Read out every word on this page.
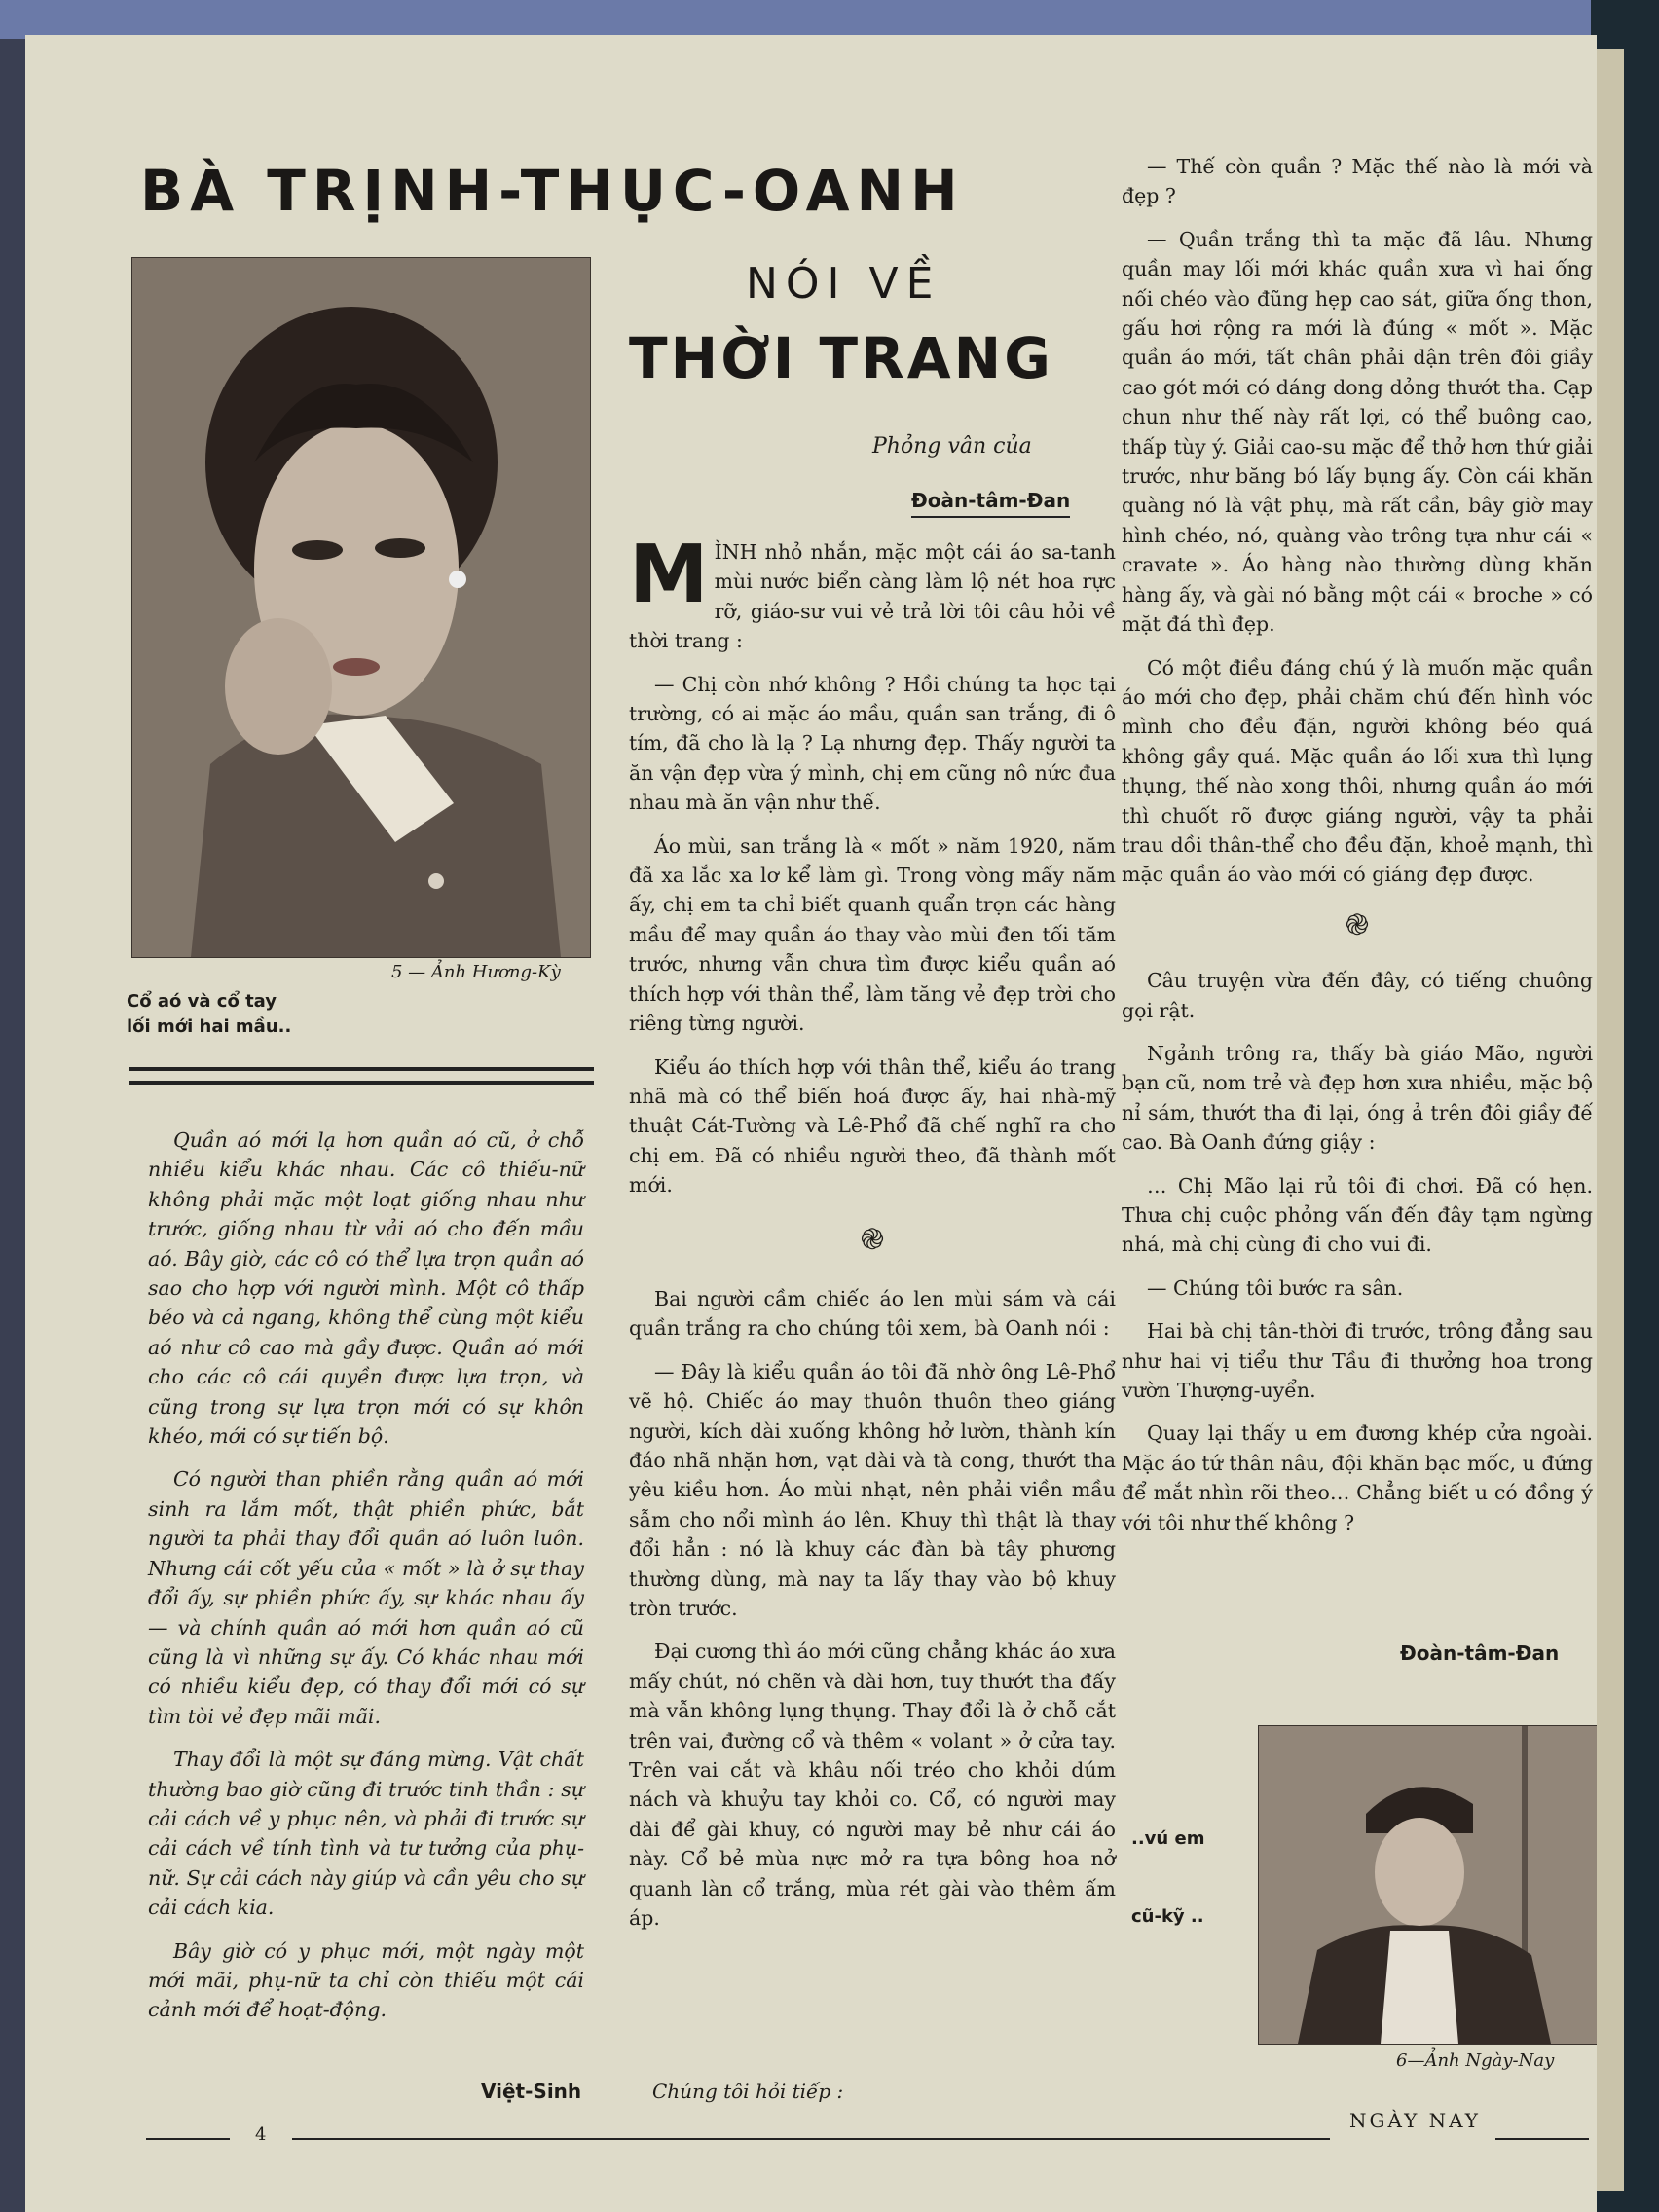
BÀ TRỊNH-THỤC-OANH
NÓI VỀ
THỜI TRANG
Phỏng vân của
Đoàn-tâm-Đan
5 — Ảnh Hương-Kỳ
Cổ aó và cổ tay
lối mới hai mầu..

Quần aó mới lạ hơn quần aó cũ, ở chỗ nhiều kiểu khác nhau. Các cô thiếu-nữ không phải mặc một loạt giống nhau như trước, giống nhau từ vải aó cho đến mầu aó. Bây giờ, các cô có thể lựa trọn quần aó sao cho hợp với người mình. Một cô thấp béo và cả ngang, không thể cùng một kiểu aó như cô cao mà gầy được. Quần aó mới cho các cô cái quyền được lựa trọn, và cũng trong sự lựa trọn mới có sự khôn khéo, mới có sự tiến bộ.

Có người than phiền rằng quần aó mới sinh ra lắm mốt, thật phiền phức, bắt người ta phải thay đổi quần aó luôn luôn. Nhưng cái cốt yếu của « mốt » là ở sự thay đổi ấy, sự phiền phức ấy, sự khác nhau ấy — và chính quần aó mới hơn quần aó cũ cũng là vì những sự ấy. Có khác nhau mới có nhiều kiểu đẹp, có thay đổi mới có sự tìm tòi vẻ đẹp mãi mãi.

Thay đổi là một sự đáng mừng. Vật chất thường bao giờ cũng đi trước tinh thần : sự cải cách về y phục nên, và phải đi trước sự cải cách về tính tình và tư tưởng của phụ-nữ. Sự cải cách này giúp và cần yêu cho sự cải cách kia.

Bây giờ có y phục mới, một ngày một mới mãi, phụ-nữ ta chỉ còn thiếu một cái cảnh mới để hoạt-động.

Việt-Sinh

MÌNH nhỏ nhắn, mặc một cái áo sa-tanh mùi nước biển càng làm lộ nét hoa rực rỡ, giáo-sư vui vẻ trả lời tôi câu hỏi về thời trang :

— Chị còn nhớ không ? Hồi chúng ta học tại trường, có ai mặc áo mầu, quần san trắng, đi ô tím, đã cho là lạ ? Lạ nhưng đẹp. Thấy người ta ăn vận đẹp vừa ý mình, chị em cũng nô nức đua nhau mà ăn vận như thế.

Áo mùi, san trắng là « mốt » năm 1920, năm đã xa lắc xa lơ kể làm gì. Trong vòng mấy năm ấy, chị em ta chỉ biết quanh quẩn trọn các hàng mầu để may quần áo thay vào mùi đen tối tăm trước, nhưng vẫn chưa tìm được kiểu quần aó thích hợp với thân thể, làm tăng vẻ đẹp trời cho riêng từng người.

Kiểu áo thích hợp với thân thể, kiểu áo trang nhã mà có thể biến hoá được ấy, hai nhà-mỹ thuật Cát-Tường và Lê-Phổ đã chế nghĩ ra cho chị em. Đã có nhiều người theo, đã thành mốt mới.

֎

Bai người cầm chiếc áo len mùi sám và cái quần trắng ra cho chúng tôi xem, bà Oanh nói :

— Đây là kiểu quần áo tôi đã nhờ ông Lê-Phổ vẽ hộ. Chiếc áo may thuôn thuôn theo giáng người, kích dài xuống không hở lườn, thành kín đáo nhã nhặn hơn, vạt dài và tà cong, thướt tha yêu kiều hơn. Áo mùi nhạt, nên phải viền mầu sẫm cho nổi mình áo lên. Khuy thì thật là thay đổi hẳn : nó là khuy các đàn bà tây phương thường dùng, mà nay ta lấy thay vào bộ khuy tròn trước.

Đại cương thì áo mới cũng chẳng khác áo xưa mấy chút, nó chẽn và dài hơn, tuy thướt tha đấy mà vẫn không lụng thụng. Thay đổi là ở chỗ cắt trên vai, đường cổ và thêm « volant » ở cửa tay. Trên vai cắt và khâu nối tréo cho khỏi dúm nách và khuỷu tay khỏi co. Cổ, có người may dài để gài khuy, có người may bẻ như cái áo này. Cổ bẻ mùa nực mở ra tựa bông hoa nở quanh làn cổ trắng, mùa rét gài vào thêm ấm áp.

Chúng tôi hỏi tiếp :

— Thế còn quần ? Mặc thế nào là mới và đẹp ?

— Quần trắng thì ta mặc đã lâu. Nhưng quần may lối mới khác quần xưa vì hai ống nối chéo vào đũng hẹp cao sát, giữa ống thon, gấu hơi rộng ra mới là đúng « mốt ». Mặc quần áo mới, tất chân phải dận trên đôi giầy cao gót mới có dáng dong dỏng thướt tha. Cạp chun như thế này rất lợi, có thể buông cao, thấp tùy ý. Giải cao-su mặc để thở hơn thứ giải trước, như băng bó lấy bụng ấy. Còn cái khăn quàng nó là vật phụ, mà rất cần, bây giờ may hình chéo, nó, quàng vào trông tựa như cái « cravate ». Áo hàng nào thường dùng khăn hàng ấy, và gài nó bằng một cái « broche » có mặt đá thì đẹp.

Có một điều đáng chú ý là muốn mặc quần áo mới cho đẹp, phải chăm chú đến hình vóc mình cho đều đặn, người không béo quá không gầy quá. Mặc quần áo lối xưa thì lụng thụng, thế nào xong thôi, nhưng quần áo mới thì chuốt rõ được giáng người, vậy ta phải trau dồi thân-thể cho đều đặn, khoẻ mạnh, thì mặc quần áo vào mới có giáng đẹp được.

֎

Câu truyện vừa đến đây, có tiếng chuông gọi rật.

Ngảnh trông ra, thấy bà giáo Mão, người bạn cũ, nom trẻ và đẹp hơn xưa nhiều, mặc bộ nỉ sám, thướt tha đi lại, óng ả trên đôi giầy đế cao. Bà Oanh đứng giậy :

… Chị Mão lại rủ tôi đi chơi. Đã có hẹn. Thưa chị cuộc phỏng vấn đến đây tạm ngừng nhá, mà chị cùng đi cho vui đi.

— Chúng tôi bước ra sân.

Hai bà chị tân-thời đi trước, trông đẳng sau như hai vị tiểu thư Tầu đi thưởng hoa trong vườn Thượng-uyển.

Quay lại thấy u em đương khép cửa ngoài. Mặc áo tứ thân nâu, đội khăn bạc mốc, u đứng để mắt nhìn rõi theo… Chẳng biết u có đồng ý với tôi như thế không ?

Đoàn-tâm-Đan
..vú em
cũ-kỹ ..
6—Ảnh Ngày-Nay
4
NGÀY NAY
